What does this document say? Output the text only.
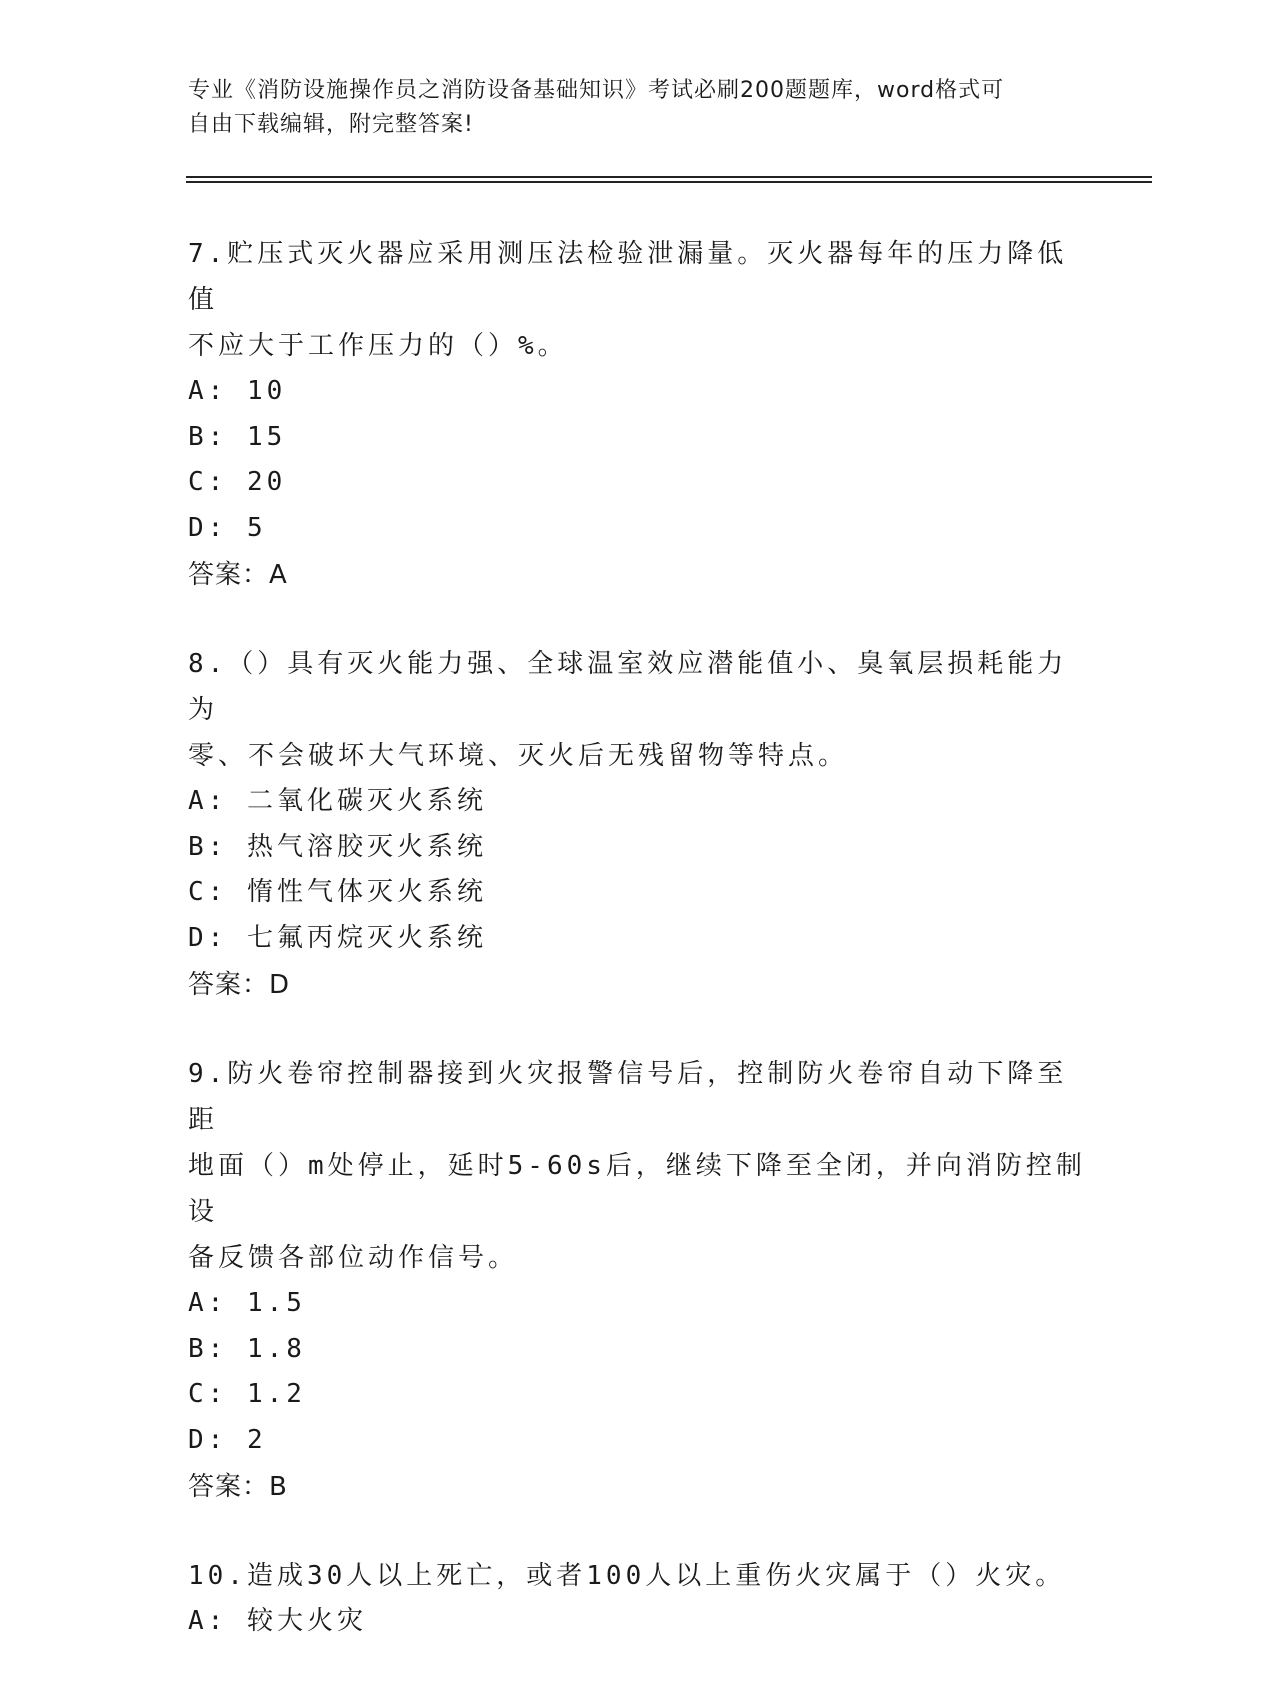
专业《消防设施操作员之消防设备基础知识》考试必刷200题题库，word格式可
自由下载编辑，附完整答案!
7.贮压式灭火器应采用测压法检验泄漏量。灭火器每年的压力降低值
不应大于工作压力的（）%。
A: 10
B: 15
C: 20
D: 5
答案：A
8.（）具有灭火能力强、全球温室效应潜能值小、臭氧层损耗能力为
零、不会破坏大气环境、灭火后无残留物等特点。
A: 二氧化碳灭火系统
B: 热气溶胶灭火系统
C: 惰性气体灭火系统
D: 七氟丙烷灭火系统
答案：D
9.防火卷帘控制器接到火灾报警信号后，控制防火卷帘自动下降至距
地面（）m处停止，延时5-60s后，继续下降至全闭，并向消防控制设
备反馈各部位动作信号。
A: 1.5
B: 1.8
C: 1.2
D: 2
答案：B
10.造成30人以上死亡，或者100人以上重伤火灾属于（）火灾。
A: 较大火灾
